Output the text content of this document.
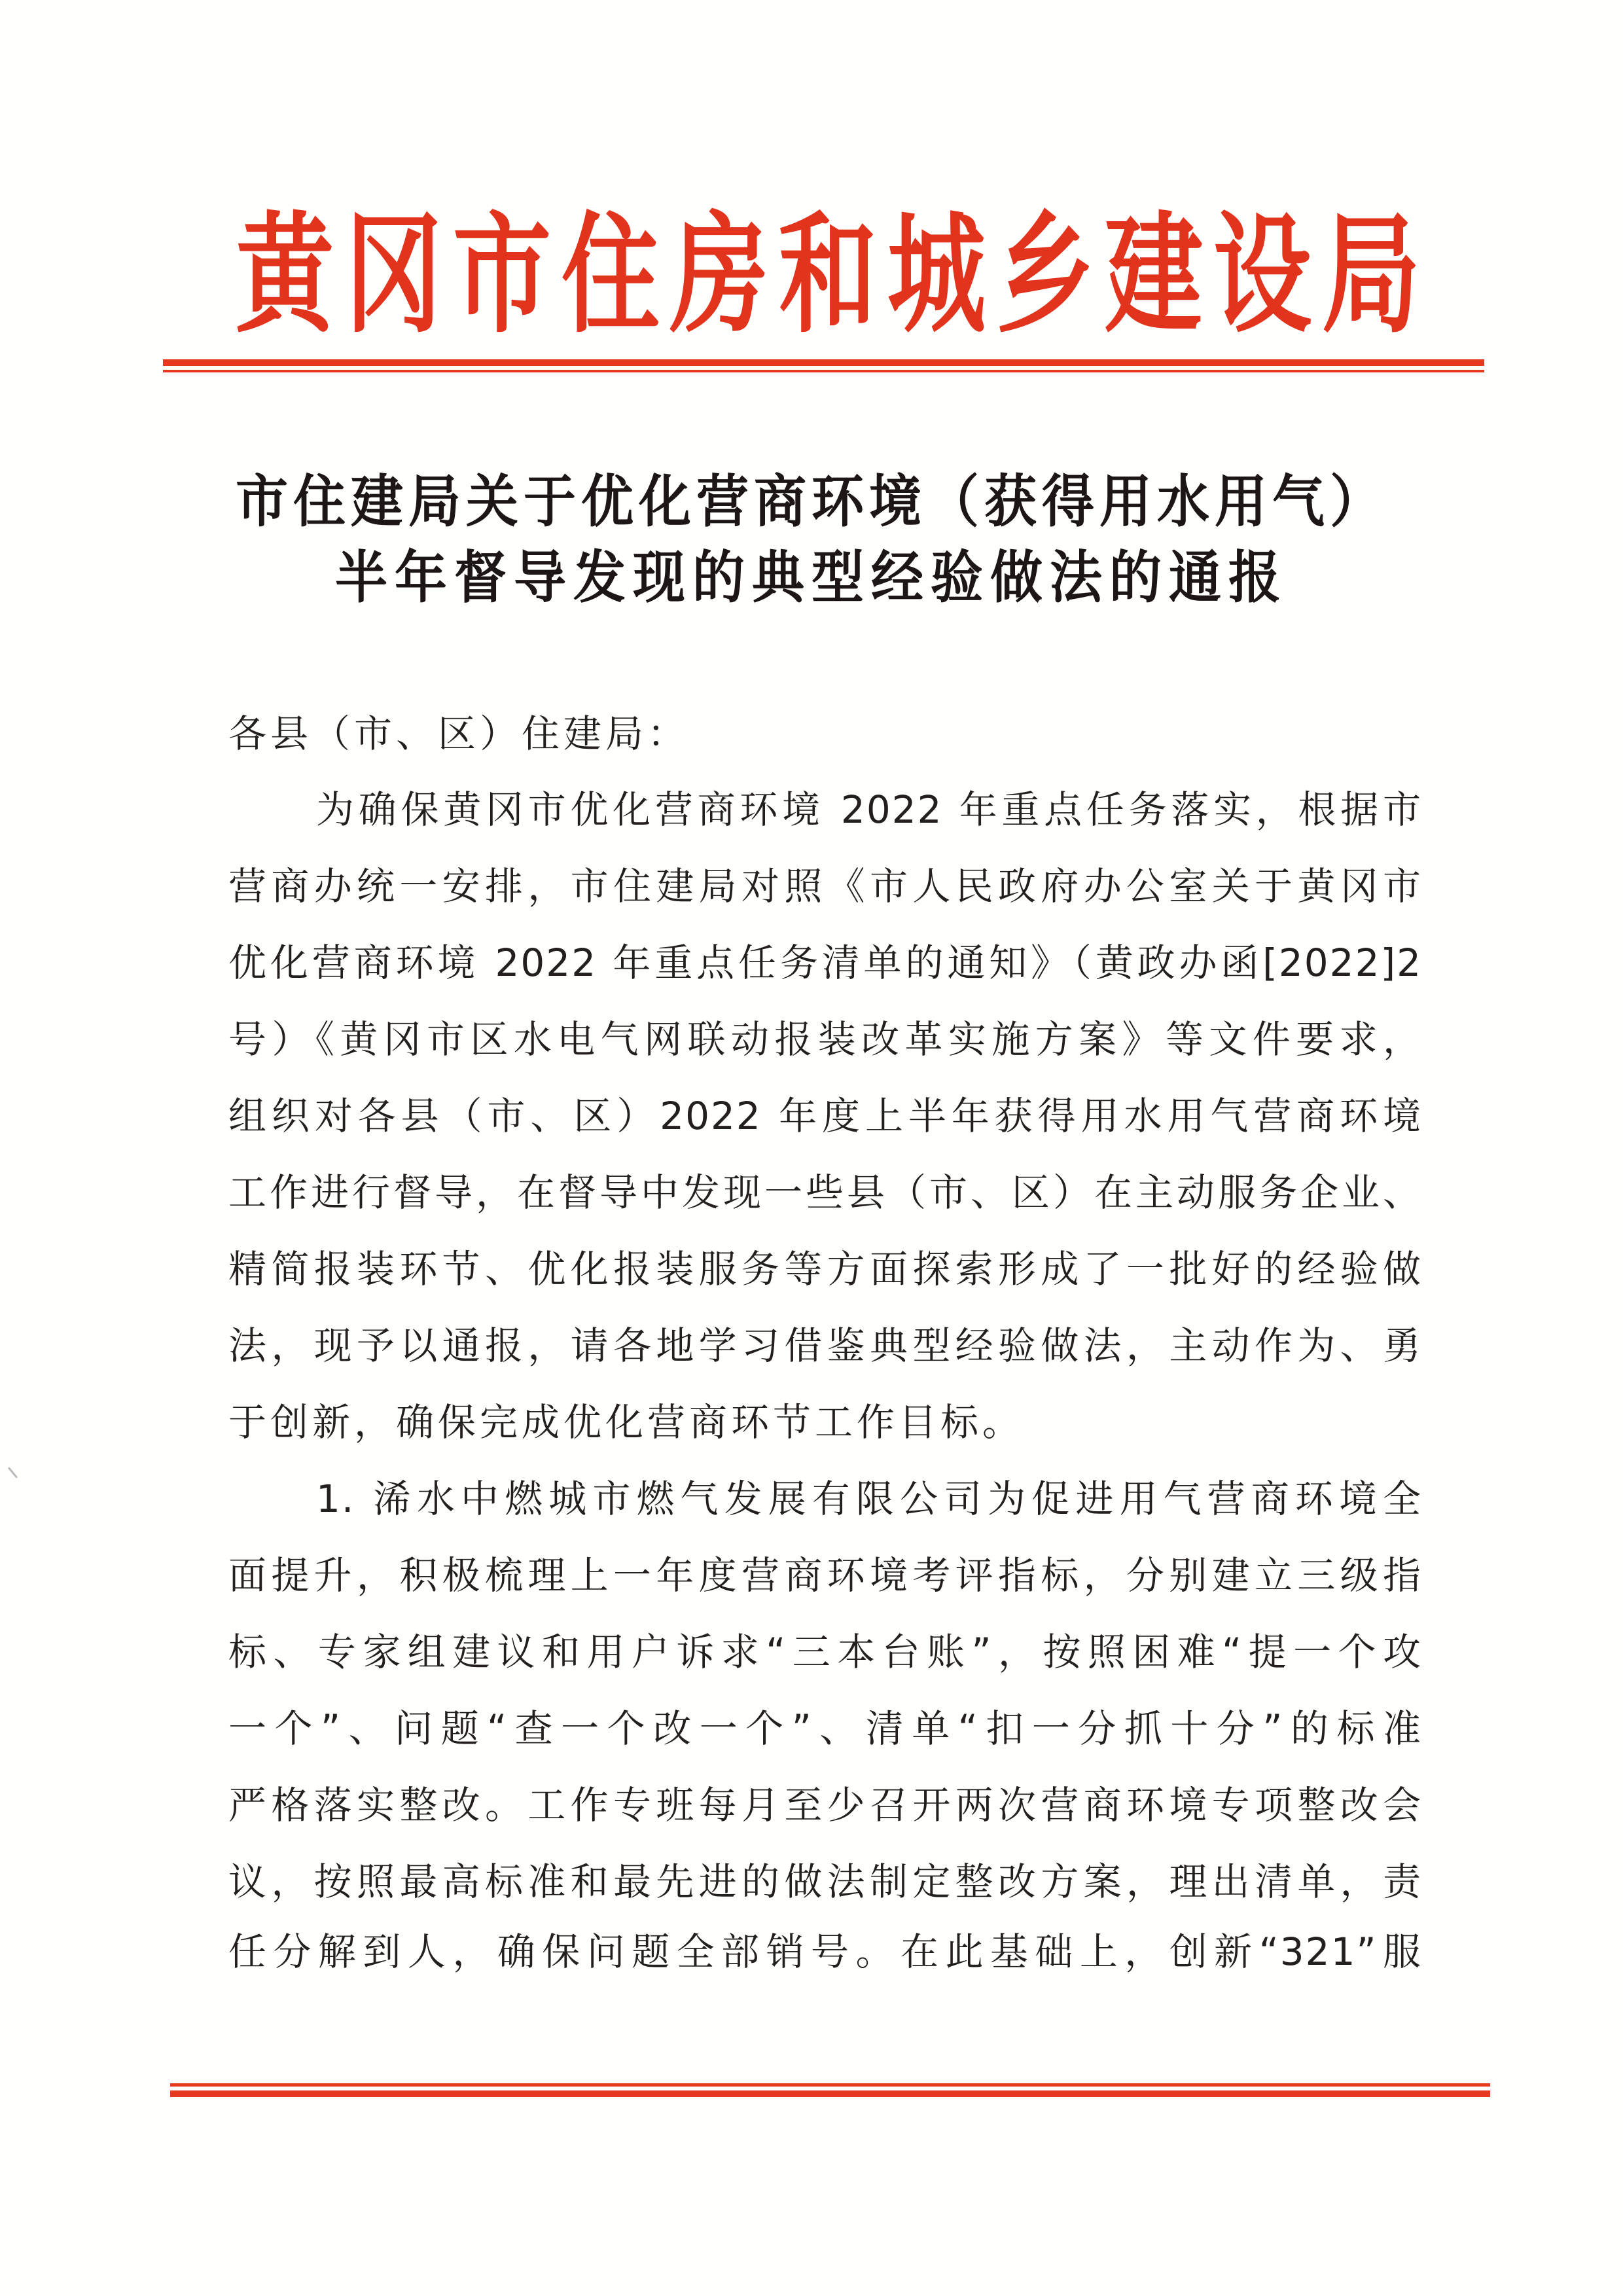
黄 冈 市 住 房 和 城 乡 建 设 局
市住建局关于优化营商环境（获得用水用气）
半年督导发现的典型经验做法的通报
各县（市、区）住建局：
为确保黄冈市优化营商环境 2022 年重点任务落实，根据市
营商办统一安排，市住建局对照《市人民政府办公室关于黄冈市
优化营商环境 2022 年重点任务清单的通知》（黄政办函[2022]2
号）《黄冈市区水电气网联动报装改革实施方案》等文件要求，
组织对各县（市、区）2022 年度上半年获得用水用气营商环境
工作进行督导，在督导中发现一些县（市、区）在主动服务企业、
精简报装环节、优化报装服务等方面探索形成了一批好的经验做
法，现予以通报，请各地学习借鉴典型经验做法，主动作为、勇
于创新，确保完成优化营商环节工作目标。
1. 浠水中燃城市燃气发展有限公司为促进用气营商环境全
面提升，积极梳理上一年度营商环境考评指标，分别建立三级指
标、专家组建议和用户诉求“三本台账”，按照困难“提一个攻
一个”、问题“查一个改一个”、清单“扣一分抓十分”的标准
严格落实整改。工作专班每月至少召开两次营商环境专项整改会
议，按照最高标准和最先进的做法制定整改方案，理出清单，责
任分解到人，确保问题全部销号。在此基础上，创新“321”服
